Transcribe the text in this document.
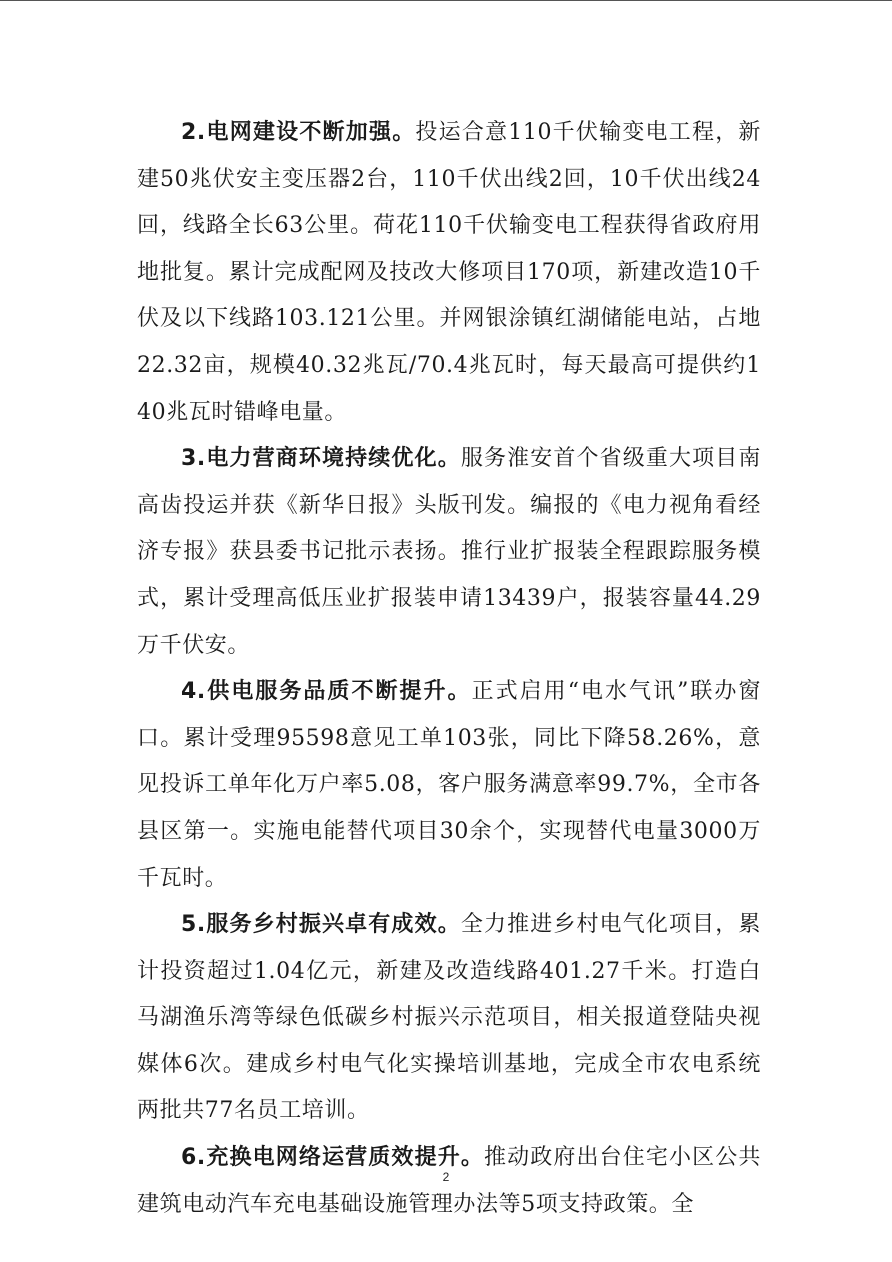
2.电网建设不断加强。投运合意110千伏输变电工程，新建50兆伏安主变压器2台，110千伏出线2回，10千伏出线24回，线路全长63公里。荷花110千伏输变电工程获得省政府用地批复。累计完成配网及技改大修项目170项，新建改造10千伏及以下线路103.121公里。并网银涂镇红湖储能电站，占地22.32亩，规模40.32兆瓦/70.4兆瓦时，每天最高可提供约140兆瓦时错峰电量。

3.电力营商环境持续优化。服务淮安首个省级重大项目南高齿投运并获《新华日报》头版刊发。编报的《电力视角看经济专报》获县委书记批示表扬。推行业扩报装全程跟踪服务模式，累计受理高低压业扩报装申请13439户，报装容量44.29万千伏安。

4.供电服务品质不断提升。正式启用“电水气讯”联办窗口。累计受理95598意见工单103张，同比下降58.26%，意见投诉工单年化万户率5.08，客户服务满意率99.7%，全市各县区第一。实施电能替代项目30余个，实现替代电量3000万千瓦时。

5.服务乡村振兴卓有成效。全力推进乡村电气化项目，累计投资超过1.04亿元，新建及改造线路401.27千米。打造白马湖渔乐湾等绿色低碳乡村振兴示范项目，相关报道登陆央视媒体6次。建成乡村电气化实操培训基地，完成全市农电系统两批共77名员工培训。

6.充换电网络运营质效提升。推动政府出台住宅小区公共建筑电动汽车充电基础设施管理办法等5项支持政策。全

2
